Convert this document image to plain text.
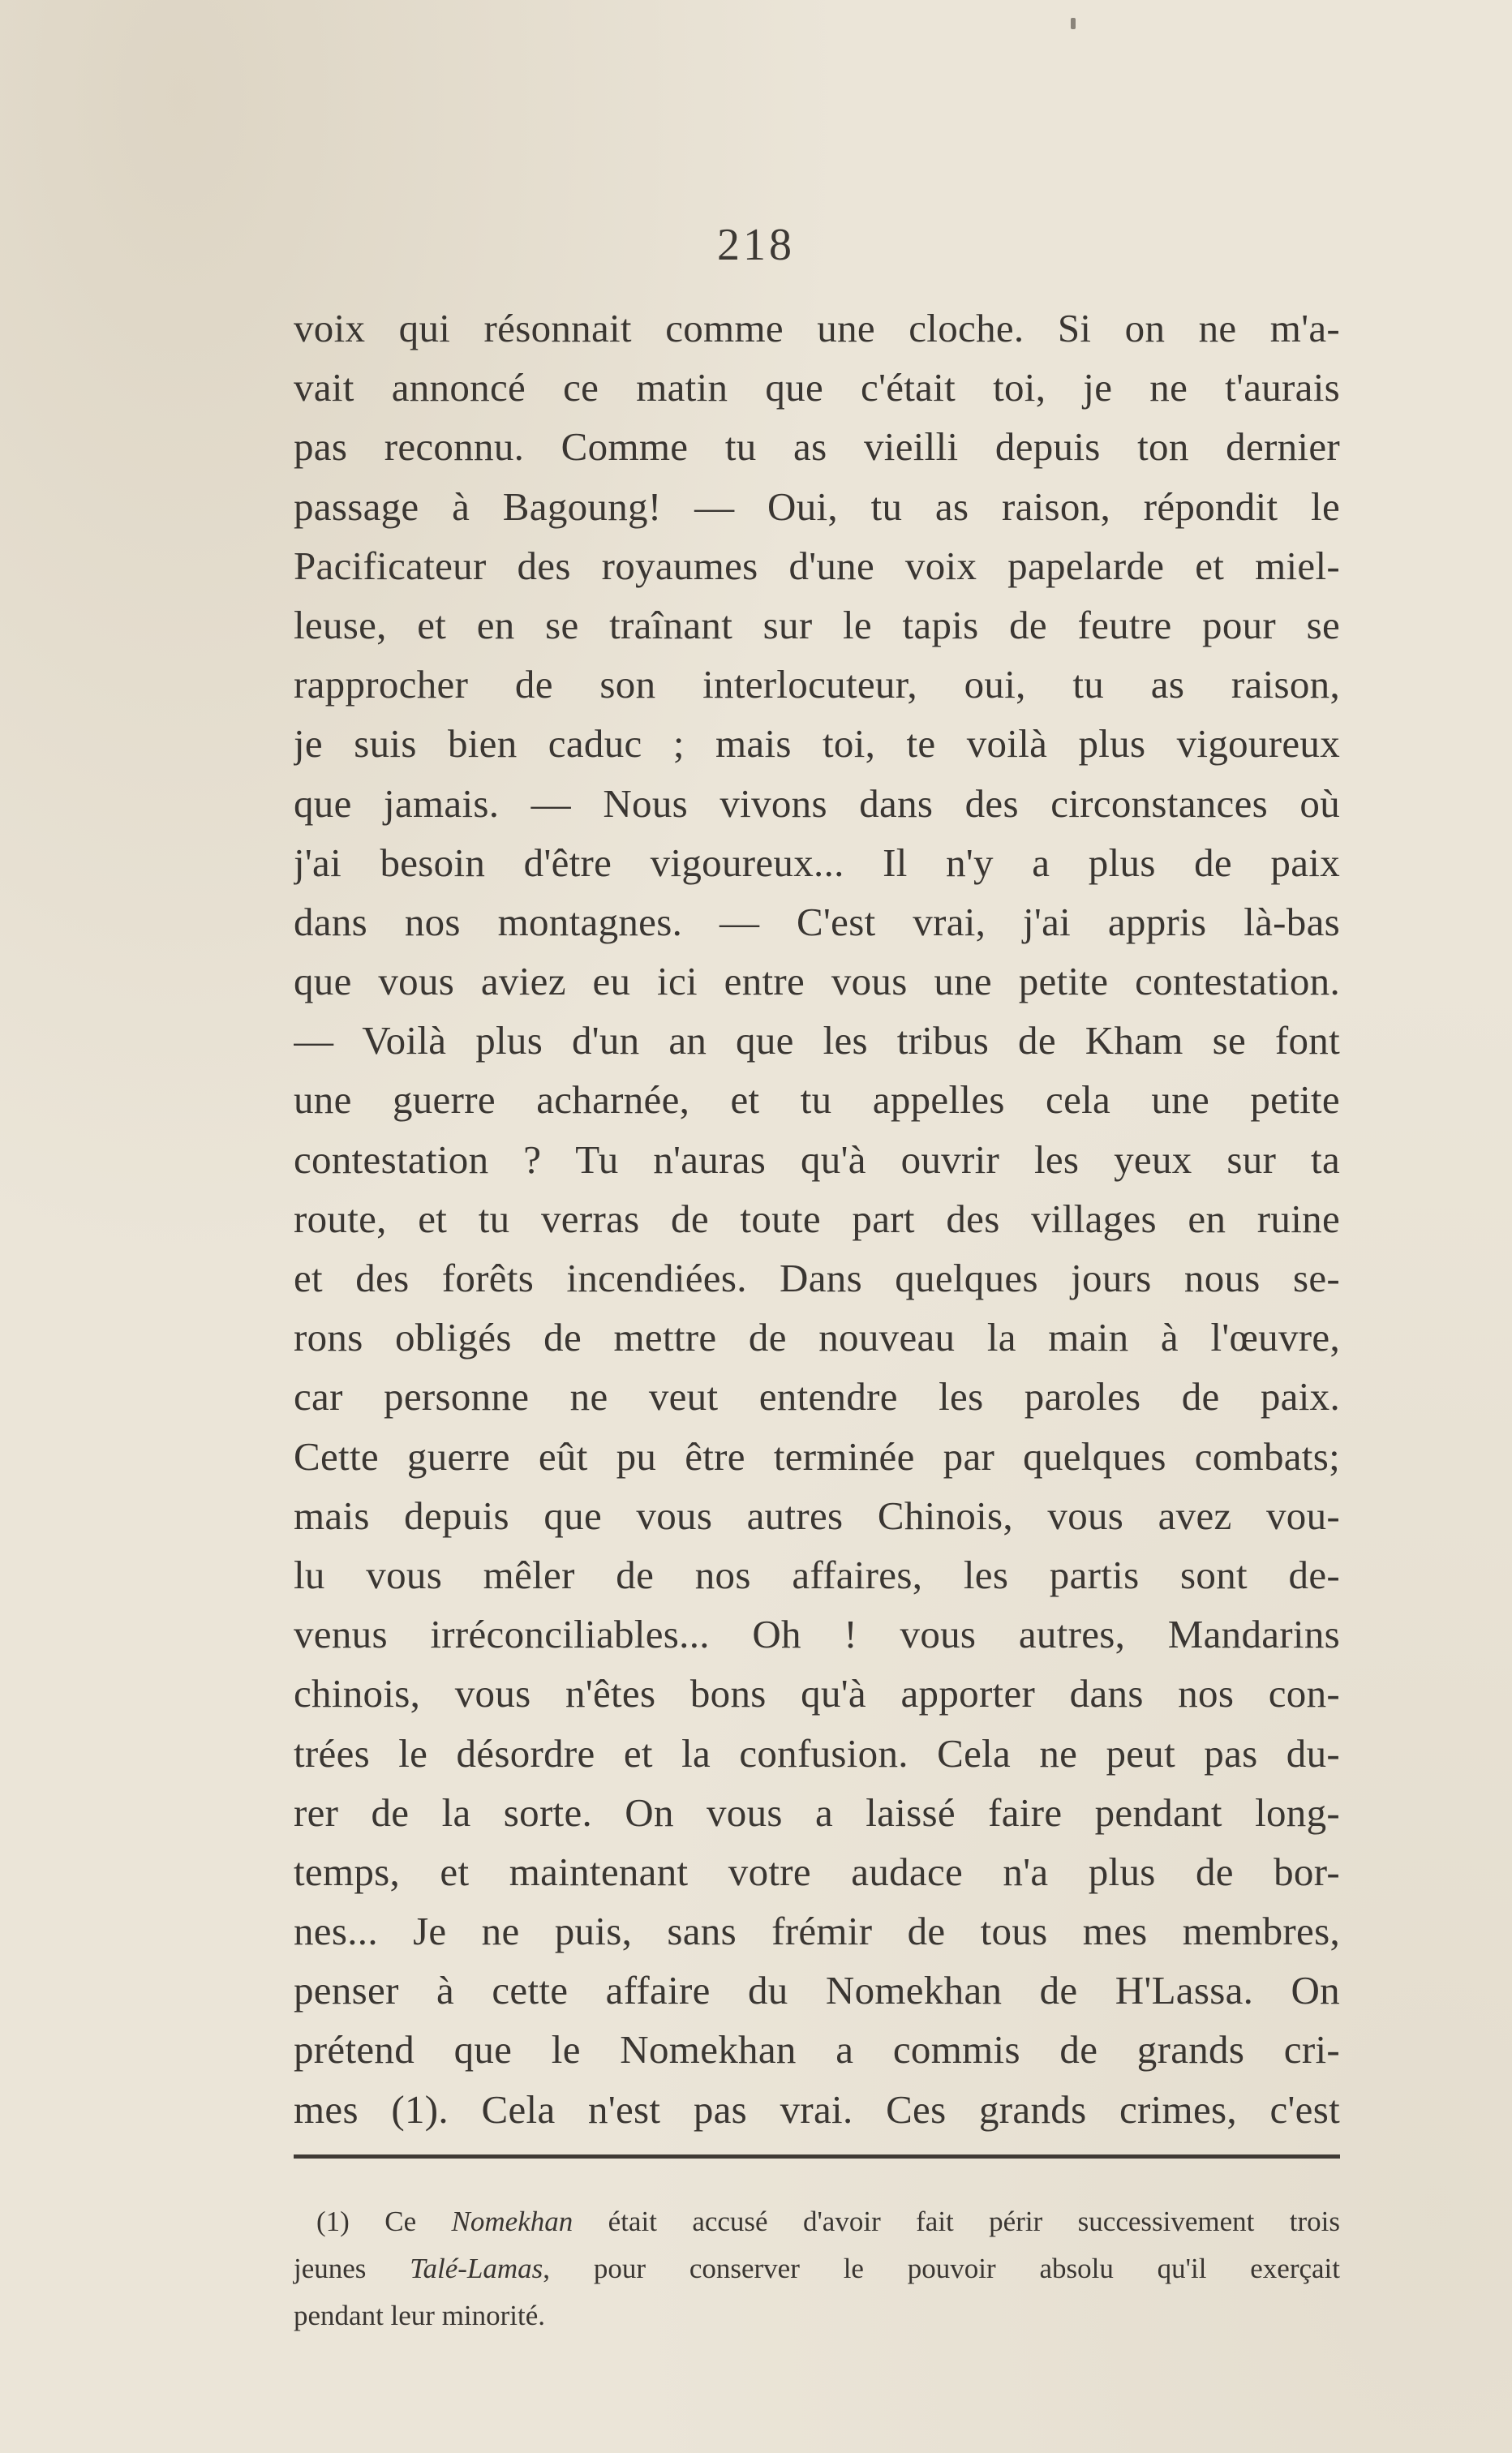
218
voix qui résonnait comme une cloche. Si on ne m'a-
vait annoncé ce matin que c'était toi, je ne t'aurais
pas reconnu. Comme tu as vieilli depuis ton dernier
passage à Bagoung! — Oui, tu as raison, répondit le
Pacificateur des royaumes d'une voix papelarde et miel-
leuse, et en se traînant sur le tapis de feutre pour se
rapprocher de son interlocuteur, oui, tu as raison,
je suis bien caduc ; mais toi, te voilà plus vigoureux
que jamais. — Nous vivons dans des circonstances où
j'ai besoin d'être vigoureux... Il n'y a plus de paix
dans nos montagnes. — C'est vrai, j'ai appris là-bas
que vous aviez eu ici entre vous une petite contestation.
— Voilà plus d'un an que les tribus de Kham se font
une guerre acharnée, et tu appelles cela une petite
contestation ? Tu n'auras qu'à ouvrir les yeux sur ta
route, et tu verras de toute part des villages en ruine
et des forêts incendiées. Dans quelques jours nous se-
rons obligés de mettre de nouveau la main à l'œuvre,
car personne ne veut entendre les paroles de paix.
Cette guerre eût pu être terminée par quelques combats;
mais depuis que vous autres Chinois, vous avez vou-
lu vous mêler de nos affaires, les partis sont de-
venus irréconciliables... Oh ! vous autres, Mandarins
chinois, vous n'êtes bons qu'à apporter dans nos con-
trées le désordre et la confusion. Cela ne peut pas du-
rer de la sorte. On vous a laissé faire pendant long-
temps, et maintenant votre audace n'a plus de bor-
nes... Je ne puis, sans frémir de tous mes membres,
penser à cette affaire du Nomekhan de H'Lassa. On
prétend que le Nomekhan a commis de grands cri-
mes (1). Cela n'est pas vrai. Ces grands crimes, c'est
(1) Ce Nomekhan était accusé d'avoir fait périr successivement trois
jeunes Talé-Lamas, pour conserver le pouvoir absolu qu'il exerçait
pendant leur minorité.
